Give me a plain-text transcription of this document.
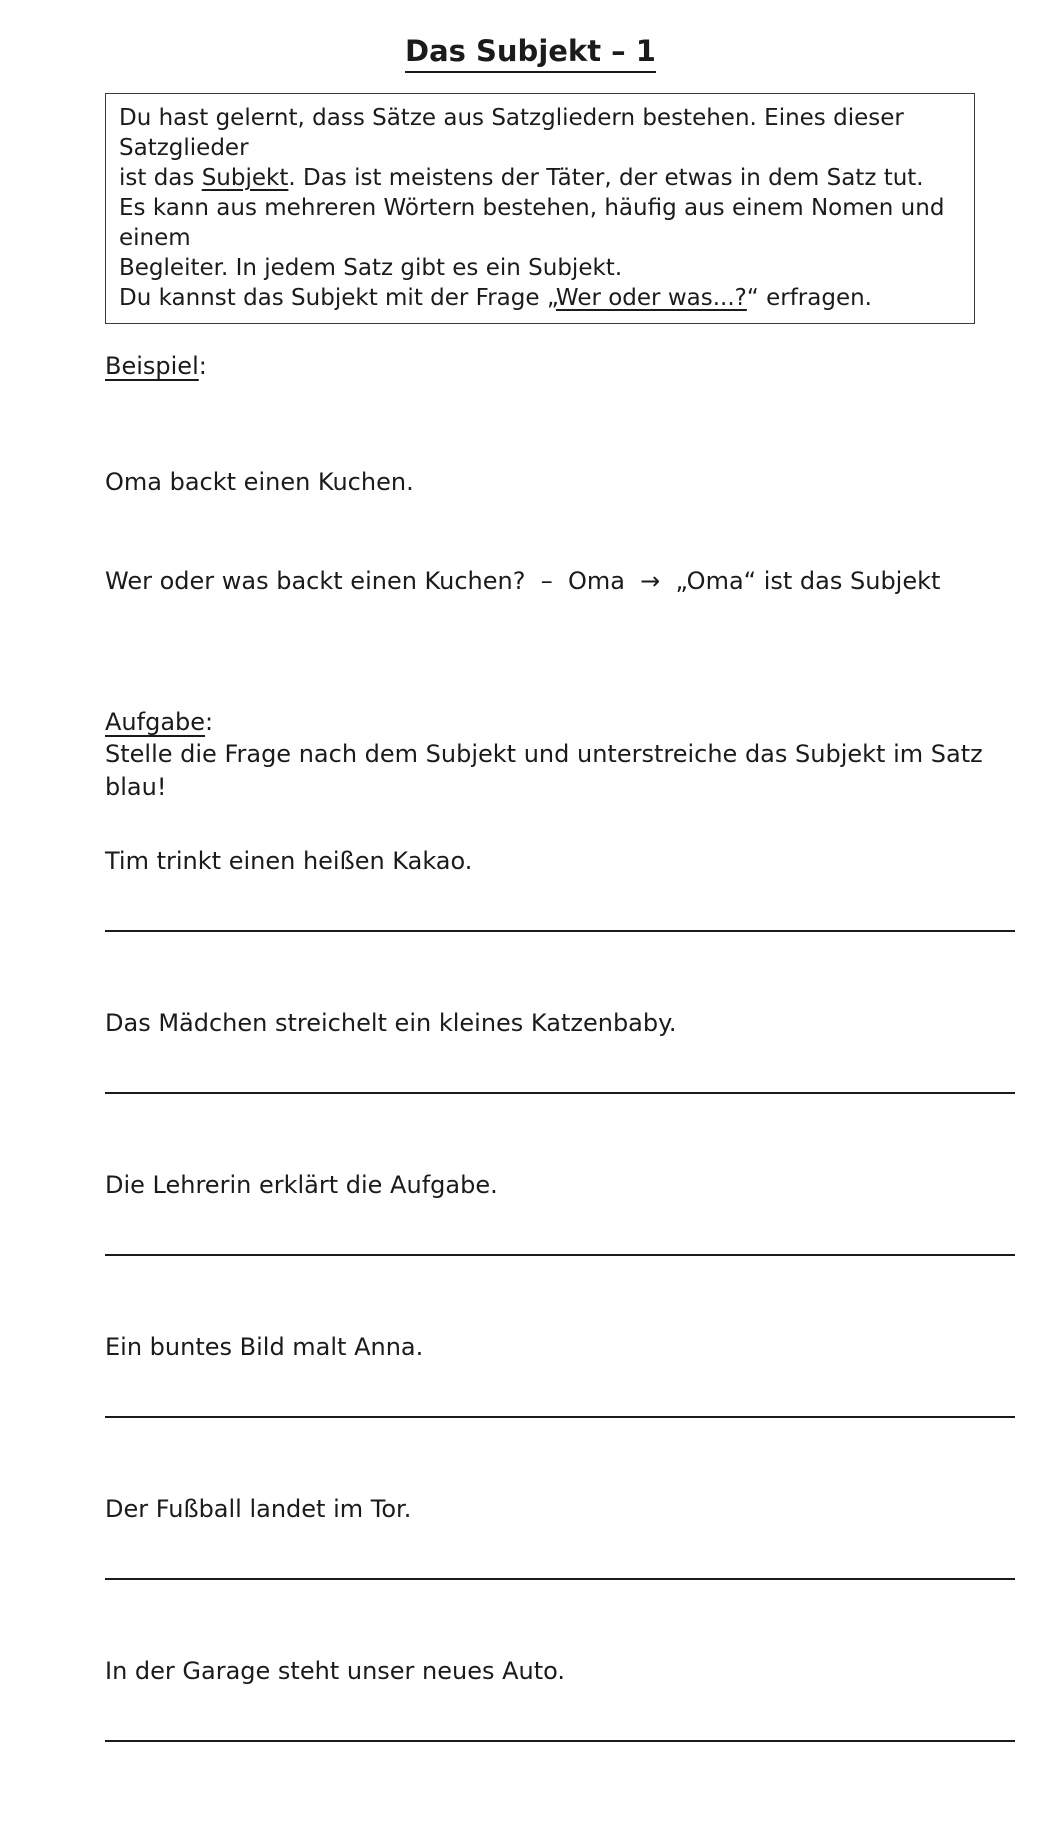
Das Subjekt – 1
Du hast gelernt, dass Sätze aus Satzgliedern bestehen. Eines dieser Satzglieder
ist das Subjekt. Das ist meistens der Täter, der etwas in dem Satz tut.
Es kann aus mehreren Wörtern bestehen, häufig aus einem Nomen und einem
Begleiter. In jedem Satz gibt es ein Subjekt.
Du kannst das Subjekt mit der Frage „Wer oder was...?“ erfragen.
Beispiel:

Oma backt einen Kuchen.

Wer oder was backt einen Kuchen?  –  Oma  →  „Oma“ ist das Subjekt

Aufgabe:
Stelle die Frage nach dem Subjekt und unterstreiche das Subjekt im Satz blau!
Tim trinkt einen heißen Kakao.
Das Mädchen streichelt ein kleines Katzenbaby.
Die Lehrerin erklärt die Aufgabe.
Ein buntes Bild malt Anna.
Der Fußball landet im Tor.
In der Garage steht unser neues Auto.
